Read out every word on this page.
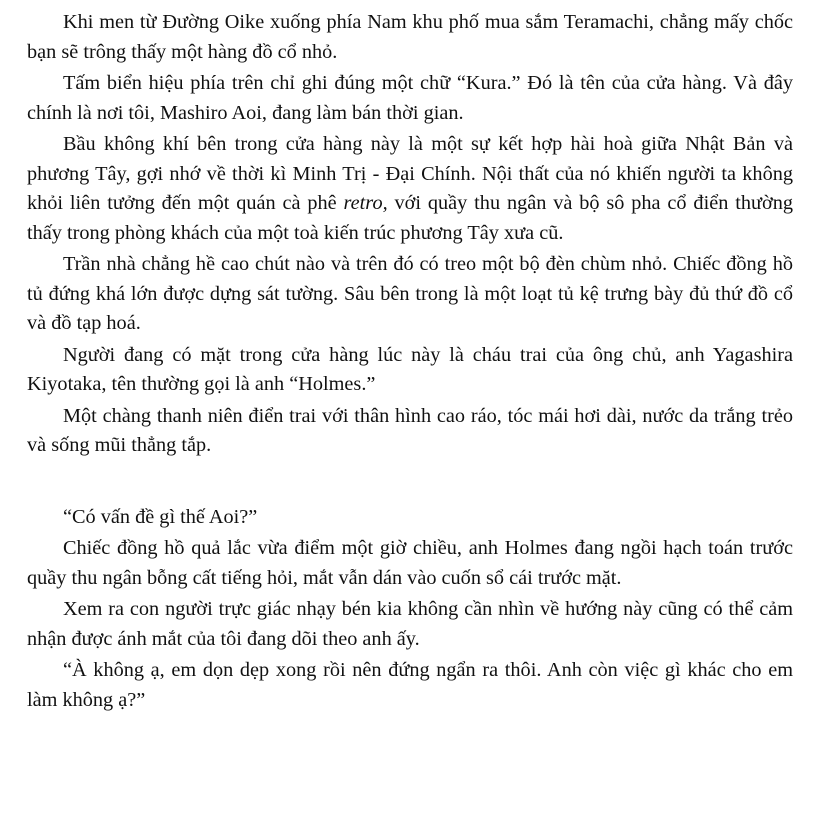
Khi men từ Đường Oike xuống phía Nam khu phố mua sắm Teramachi, chẳng mấy chốc bạn sẽ trông thấy một hàng đồ cổ nhỏ.

Tấm biển hiệu phía trên chỉ ghi đúng một chữ “Kura.” Đó là tên của cửa hàng. Và đây chính là nơi tôi, Mashiro Aoi, đang làm bán thời gian.

Bầu không khí bên trong cửa hàng này là một sự kết hợp hài hoà giữa Nhật Bản và phương Tây, gợi nhớ về thời kì Minh Trị - Đại Chính. Nội thất của nó khiến người ta không khỏi liên tưởng đến một quán cà phê retro, với quầy thu ngân và bộ sô pha cổ điển thường thấy trong phòng khách của một toà kiến trúc phương Tây xưa cũ.

Trần nhà chẳng hề cao chút nào và trên đó có treo một bộ đèn chùm nhỏ. Chiếc đồng hồ tủ đứng khá lớn được dựng sát tường. Sâu bên trong là một loạt tủ kệ trưng bày đủ thứ đồ cổ và đồ tạp hoá.

Người đang có mặt trong cửa hàng lúc này là cháu trai của ông chủ, anh Yagashira Kiyotaka, tên thường gọi là anh “Holmes.”

Một chàng thanh niên điển trai với thân hình cao ráo, tóc mái hơi dài, nước da trắng trẻo và sống mũi thẳng tắp.

“Có vấn đề gì thế Aoi?”

Chiếc đồng hồ quả lắc vừa điểm một giờ chiều, anh Holmes đang ngồi hạch toán trước quầy thu ngân bỗng cất tiếng hỏi, mắt vẫn dán vào cuốn sổ cái trước mặt.

Xem ra con người trực giác nhạy bén kia không cần nhìn về hướng này cũng có thể cảm nhận được ánh mắt của tôi đang dõi theo anh ấy.

“À không ạ, em dọn dẹp xong rồi nên đứng ngẩn ra thôi. Anh còn việc gì khác cho em làm không ạ?”
